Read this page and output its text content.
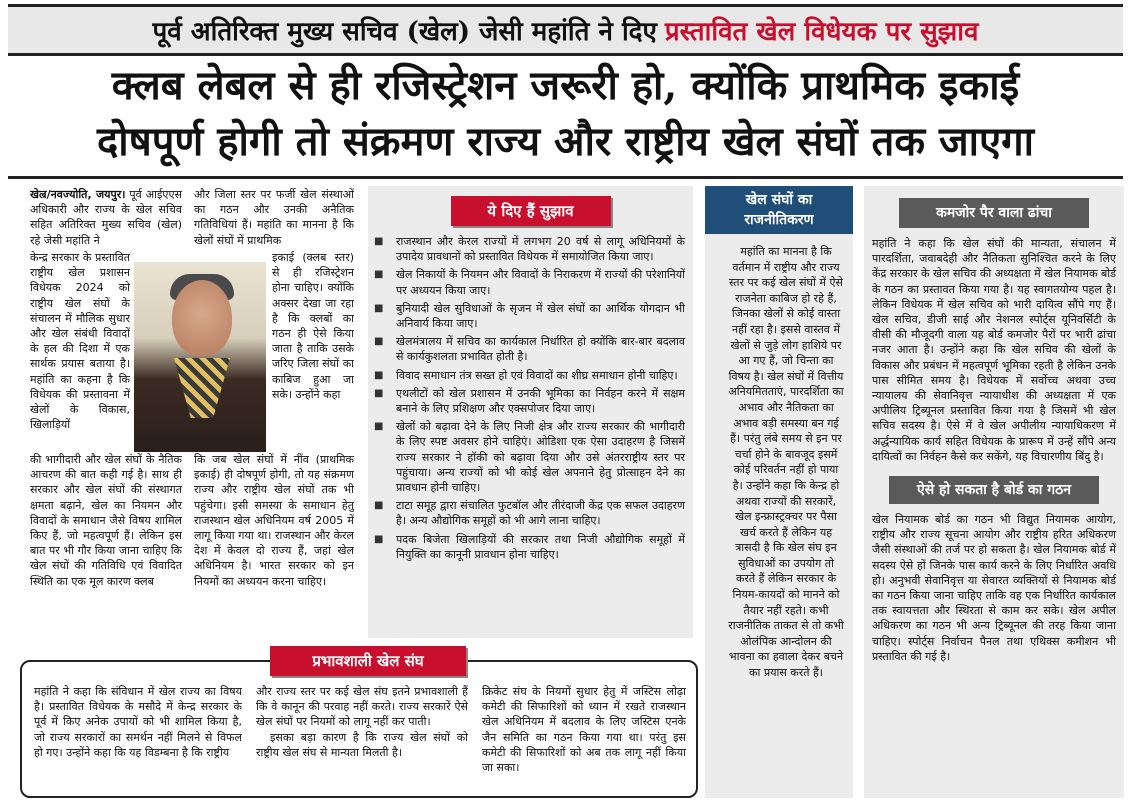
पूर्व अतिरिक्त मुख्य सचिव (खेल) जेसी महांति ने दिए प्रस्तावित खेल विधेयक पर सुझाव
क्लब लेबल से ही रजिस्ट्रेशन जरूरी हो, क्योंकि प्राथमिक इकाई
दोषपूर्ण होगी तो संक्रमण राज्य और राष्ट्रीय खेल संघों तक जाएगा
खेल्र/नवज्योति, जयपुर। पूर्व आईएएस अधिकारी और राज्य के खेल सचिव सहित अतिरिक्त मुख्य सचिव (खेल) रहे जेसी महांति ने
केन्द्र सरकार के प्रस्तावित राष्ट्रीय खेल प्रशासन विधेयक 2024 को राष्ट्रीय खेल संघों के संचालन में मौलिक सुधार और खेल संबंधी विवादों के हल की दिशा में एक सार्थक प्रयास बताया है। महांति का कहना है कि विधेयक की प्रस्तावना में खेलों के विकास, खिलाड़ियों
की भागीदारी और खेल संघों के नैतिक आचरण की बात कही गई है। साथ ही सरकार और खेल संघों की संस्थागत क्षमता बढ़ाने, खेल का नियमन और विवादों के समाधान जैसे विषय शामिल किए हैं, जो महत्वपूर्ण हैं। लेकिन इस बात पर भी गौर किया जाना चाहिए कि खेल संघों की गतिविधि एवं विवादित स्थिति का एक मूल कारण क्लब
और जिला स्तर पर फर्जी खेल संस्थाओं का गठन और उनकी अनैतिक गतिविधियां हैं। महांति का मानना है कि खेलों संघों में प्राथमिक
इकाई (क्लब स्तर) से ही रजिस्ट्रेशन होना चाहिए। क्योंकि अक्सर देखा जा रहा है कि क्लबों का गठन ही ऐसे किया जाता है ताकि उसके जरिए जिला संघों का काबिज हुआ जा सके। उन्होंने कहा
कि जब खेल संघों में नींव (प्राथमिक इकाई) ही दोषपूर्ण होगी, तो यह संक्रमण राज्य और राष्ट्रीय खेल संघों तक भी पहुंचेगा। इसी समस्या के समाधान हेतु राजस्थान खेल अधिनियम वर्ष 2005 में लागू किया गया था। राजस्थान और केरल देश में केवल दो राज्य हैं, जहां खेल अधिनियम है। भारत सरकार को इन नियमों का अध्ययन करना चाहिए।
ये दिए हैं सुझाव
■ राजस्थान और केरल राज्यों में लगभग 20 वर्ष से लागू अधिनियमों के उपादेय प्रावधानों को प्रस्तावित विधेयक में समायोजित किया जाए।
■ खेल निकायों के नियमन और विवादों के निराकरण में राज्यों की परेशानियों पर अध्ययन किया जाए।
■ बुनियादी खेल सुविधाओं के सृजन में खेल संघों का आर्थिक योगदान भी अनिवार्य किया जाए।
■ खेलमंत्रालय में सचिव का कार्यकाल निर्धारित हो क्योंकि बार-बार बदलाव से कार्यकुशलता प्रभावित होती है।
■ विवाद समाधान तंत्र सख्त हो एवं विवादों का शीघ्र समाधान होनी चाहिए।
■ एथलीटों को खेल प्रशासन में उनकी भूमिका का निर्वहन करने में सक्षम बनाने के लिए प्रशिक्षण और एक्सपोजर दिया जाए।
■ खेलों को बढ़ावा देने के लिए निजी क्षेत्र और राज्य सरकार की भागीदारी के लिए स्पष्ट अवसर होने चाहिएं। ओडिशा एक ऐसा उदाहरण है जिसमें राज्य सरकार ने हॉकी को बढ़ावा दिया और उसे अंतरराष्ट्रीय स्तर पर पहुंचाया। अन्य राज्यों को भी कोई खेल अपनाने हेतु प्रोत्साहन देने का प्रावधान होनी चाहिए।
■ टाटा समूह द्वारा संचालित फुटबॉल और तीरंदाजी केंद्र एक सफल उदाहरण है। अन्य औद्योगिक समूहों को भी आगे लाना चाहिए।
■ पदक बिजेता खिलाड़ियों की सरकार तथा निजी औद्योगिक समूहों में नियुक्ति का कानूनी प्रावधान होना चाहिए।
खेल संघों का
राजनीतिकरण
महांति का मानना है कि वर्तमान में राष्ट्रीय और राज्य स्तर पर कई खेल संघों में ऐसे राजनेता काबिज हो रहे हैं, जिनका खेलों से कोई वास्ता नहीं रहा है। इससे वास्तव में खेलों से जुड़े लोग हाशिये पर आ गए हैं, जो चिन्ता का विषय है। खेल संघों में वित्तीय अनियमितताएं, पारदर्शिता का अभाव और नैतिकता का अभाव बड़ी समस्या बन गई हैं। परंतु लंबे समय से इन पर चर्चा होने के बावजूद इसमें कोई परिवर्तन नहीं हो पाया है। उन्होंने कहा कि केन्द्र हो अथवा राज्यों की सरकारें, खेल इन्फ्रास्ट्रक्चर पर पैसा खर्च करते हैं लेकिन यह त्रासदी है कि खेल संघ इन सुविधाओं का उपयोग तो करते हैं लेकिन सरकार के नियम-कायदों को मानने को तैयार नहीं रहते। कभी राजनीतिक ताकत से तो कभी ओलंपिक आन्दोलन की भावना का हवाला देकर बचने का प्रयास करते हैं।
कमजोर पैर वाला ढांचा
महांति ने कहा कि खेल संघों की मान्यता, संचालन में पारदर्शिता, जवाबदेही और नैतिकता सुनिश्चित करने के लिए केंद्र सरकार के खेल सचिव की अध्यक्षता में खेल नियामक बोर्ड के गठन का प्रस्तावत किया गया है। यह स्वागतयोग्य पहल है। लेकिन विधेयक में खेल सचिव को भारी दायित्व सौंपे गए हैं। खेल सचिव, डीजी साई और नेशनल स्पोर्ट्स यूनिवर्सिटी के वीसी की मौजूदगी वाला यह बोर्ड कमजोर पैरों पर भारी ढांचा नजर आता है। उन्होंने कहा कि खेल सचिव की खेलों के विकास और प्रबंधन में महत्वपूर्ण भूमिका रहती है लेकिन उनके पास सीमित समय है। विधेयक में सर्वोच्च अथवा उच्च न्यायालय की सेवानिवृत्त न्यायाधीश की अध्यक्षता में एक अपीलिय ट्रिब्यूनल प्रस्तावित किया गया है जिसमें भी खेल सचिव सदस्य है। ऐसे में वे खेल अपीलीय न्यायाधिकरण में अर्द्धन्यायिक कार्य सहित विधेयक के प्रारूप में उन्हें सौंपे अन्य दायित्वों का निर्वहन कैसे कर सकेंगे, यह विचारणीय बिंदु है।
ऐसे हो सकता है बोर्ड का गठन
खेल नियामक बोर्ड का गठन भी विद्युत नियामक आयोग, राष्ट्रीय और राज्य सूचना आयोग और राष्ट्रीय हरित अधिकरण जैसी संस्थाओं की तर्ज पर हो सकता है। खेल नियामक बोर्ड में सदस्य ऐसे हों जिनके पास कार्य करने के लिए निर्धारित अवधि हो। अनुभवी सेवानिवृत्त या सेवारत व्यक्तियों से नियामक बोर्ड का गठन किया जाना चाहिए ताकि वह एक निर्धारित कार्यकाल तक स्वायत्तता और स्थिरता से काम कर सके। खेल अपील अधिकरण का गठन भी अन्य ट्रिब्यूनल की तरह किया जाना चाहिए। स्पोर्ट्स निर्वाचन पैनल तथा एथिक्स कमीशन भी प्रस्तावित की गई है।
प्रभावशाली खेल संघ
महांति ने कहा कि संविधान में खेल राज्य का विषय है। प्रस्तावित विधेयक के मसौदे में केन्द्र सरकार के पूर्व में किए अनेक उपायों को भी शामिल किया है, जो राज्य सरकारों का समर्थन नहीं मिलने से विफल हो गए। उन्होंने कहा कि यह विडम्बना है कि राष्ट्रीय
और राज्य स्तर पर कई खेल संघ इतने प्रभावशाली हैं कि वे कानून की परवाह नहीं करते। राज्य सरकारें ऐसे खेल संघों पर नियमों को लागू नहीं कर पाती।
इसका बड़ा कारण है कि राज्य खेल संघों को राष्ट्रीय खेल संघ से मान्यता मिलती है।
क्रिकेट संघ के नियमों सुधार हेतु में जस्टिस लोढ़ा कमेटी की सिफारिशों को ध्यान में रखते राजस्थान खेल अधिनियम में बदलाव के लिए जस्टिस एनके जैन समिति का गठन किया गया था। परंतु इस कमेटी की सिफारिशों को अब तक लागू नहीं किया जा सका।
